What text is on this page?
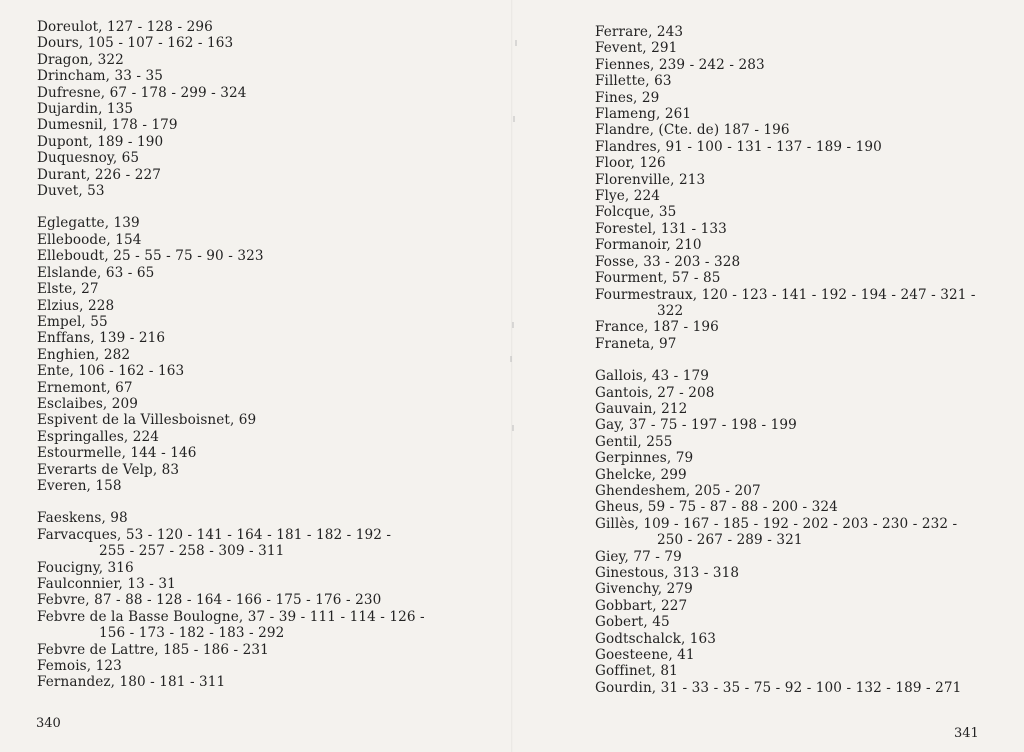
Doreulot, 127 - 128 - 296
Dours, 105 - 107 - 162 - 163
Dragon, 322
Drincham, 33 - 35
Dufresne, 67 - 178 - 299 - 324
Dujardin, 135
Dumesnil, 178 - 179
Dupont, 189 - 190
Duquesnoy, 65
Durant, 226 - 227
Duvet, 53
Eglegatte, 139
Elleboode, 154
Elleboudt, 25 - 55 - 75 - 90 - 323
Elslande, 63 - 65
Elste, 27
Elzius, 228
Empel, 55
Enffans, 139 - 216
Enghien, 282
Ente, 106 - 162 - 163
Ernemont, 67
Esclaibes, 209
Espivent de la Villesboisnet, 69
Espringalles, 224
Estourmelle, 144 - 146
Everarts de Velp, 83
Everen, 158
Faeskens, 98
Farvacques, 53 - 120 - 141 - 164 - 181 - 182 - 192 -
255 - 257 - 258 - 309 - 311
Foucigny, 316
Faulconnier, 13 - 31
Febvre, 87 - 88 - 128 - 164 - 166 - 175 - 176 - 230
Febvre de la Basse Boulogne, 37 - 39 - 111 - 114 - 126 -
156 - 173 - 182 - 183 - 292
Febvre de Lattre, 185 - 186 - 231
Femois, 123
Fernandez, 180 - 181 - 311
340
Ferrare, 243
Fevent, 291
Fiennes, 239 - 242 - 283
Fillette, 63
Fines, 29
Flameng, 261
Flandre, (Cte. de) 187 - 196
Flandres, 91 - 100 - 131 - 137 - 189 - 190
Floor, 126
Florenville, 213
Flye, 224
Folcque, 35
Forestel, 131 - 133
Formanoir, 210
Fosse, 33 - 203 - 328
Fourment, 57 - 85
Fourmestraux, 120 - 123 - 141 - 192 - 194 - 247 - 321 -
322
France, 187 - 196
Franeta, 97
Gallois, 43 - 179
Gantois, 27 - 208
Gauvain, 212
Gay, 37 - 75 - 197 - 198 - 199
Gentil, 255
Gerpinnes, 79
Ghelcke, 299
Ghendeshem, 205 - 207
Gheus, 59 - 75 - 87 - 88 - 200 - 324
Gillès, 109 - 167 - 185 - 192 - 202 - 203 - 230 - 232 -
250 - 267 - 289 - 321
Giey, 77 - 79
Ginestous, 313 - 318
Givenchy, 279
Gobbart, 227
Gobert, 45
Godtschalck, 163
Goesteene, 41
Goffinet, 81
Gourdin, 31 - 33 - 35 - 75 - 92 - 100 - 132 - 189 - 271
341
